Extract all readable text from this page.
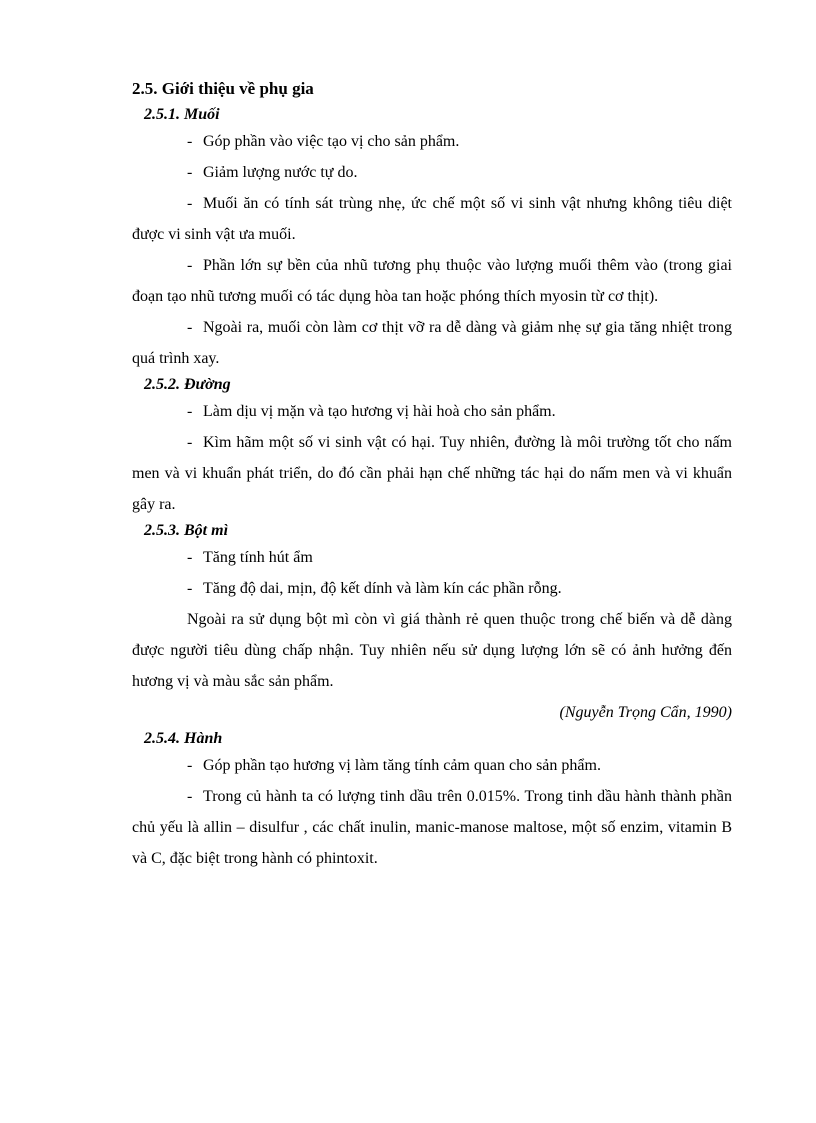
2.5. Giới thiệu về phụ gia
2.5.1. Muối

- Góp phần vào việc tạo vị cho sản phẩm.

- Giảm lượng nước tự do.

- Muối ăn có tính sát trùng nhẹ, ức chế một số vi sinh vật nhưng không tiêu diệt được vi sinh vật ưa muối.

- Phần lớn sự bền của nhũ tương phụ thuộc vào lượng muối thêm vào (trong giai đoạn tạo nhũ tương muối có tác dụng hòa tan hoặc phóng thích myosin từ cơ thịt).

- Ngoài ra, muối còn làm cơ thịt vỡ ra dễ dàng và giảm nhẹ sự gia tăng nhiệt trong quá trình xay.

2.5.2. Đường

- Làm dịu vị mặn và tạo hương vị hài hoà cho sản phẩm.

- Kìm hãm một số vi sinh vật có hại. Tuy nhiên, đường là môi trường tốt cho nấm men và vi khuẩn phát triển, do đó cần phải hạn chế những tác hại do nấm men và vi khuẩn gây ra.

2.5.3. Bột mì

- Tăng tính hút ẩm

- Tăng độ dai, mịn, độ kết dính và làm kín các phần rỗng.

Ngoài ra sử dụng bột mì còn vì giá thành rẻ quen thuộc trong chế biến và dễ dàng được người tiêu dùng chấp nhận. Tuy nhiên nếu sử dụng lượng lớn sẽ có ảnh hưởng đến hương vị và màu sắc sản phẩm.

(Nguyễn Trọng Cẩn, 1990)

2.5.4. Hành

- Góp phần tạo hương vị làm tăng tính cảm quan cho sản phẩm.

- Trong củ hành ta có lượng tinh dầu trên 0.015%. Trong tinh dầu hành thành phần chủ yếu là allin – disulfur , các chất inulin, manic-manose maltose, một số enzim, vitamin B và C, đặc biệt trong hành có phintoxit.
